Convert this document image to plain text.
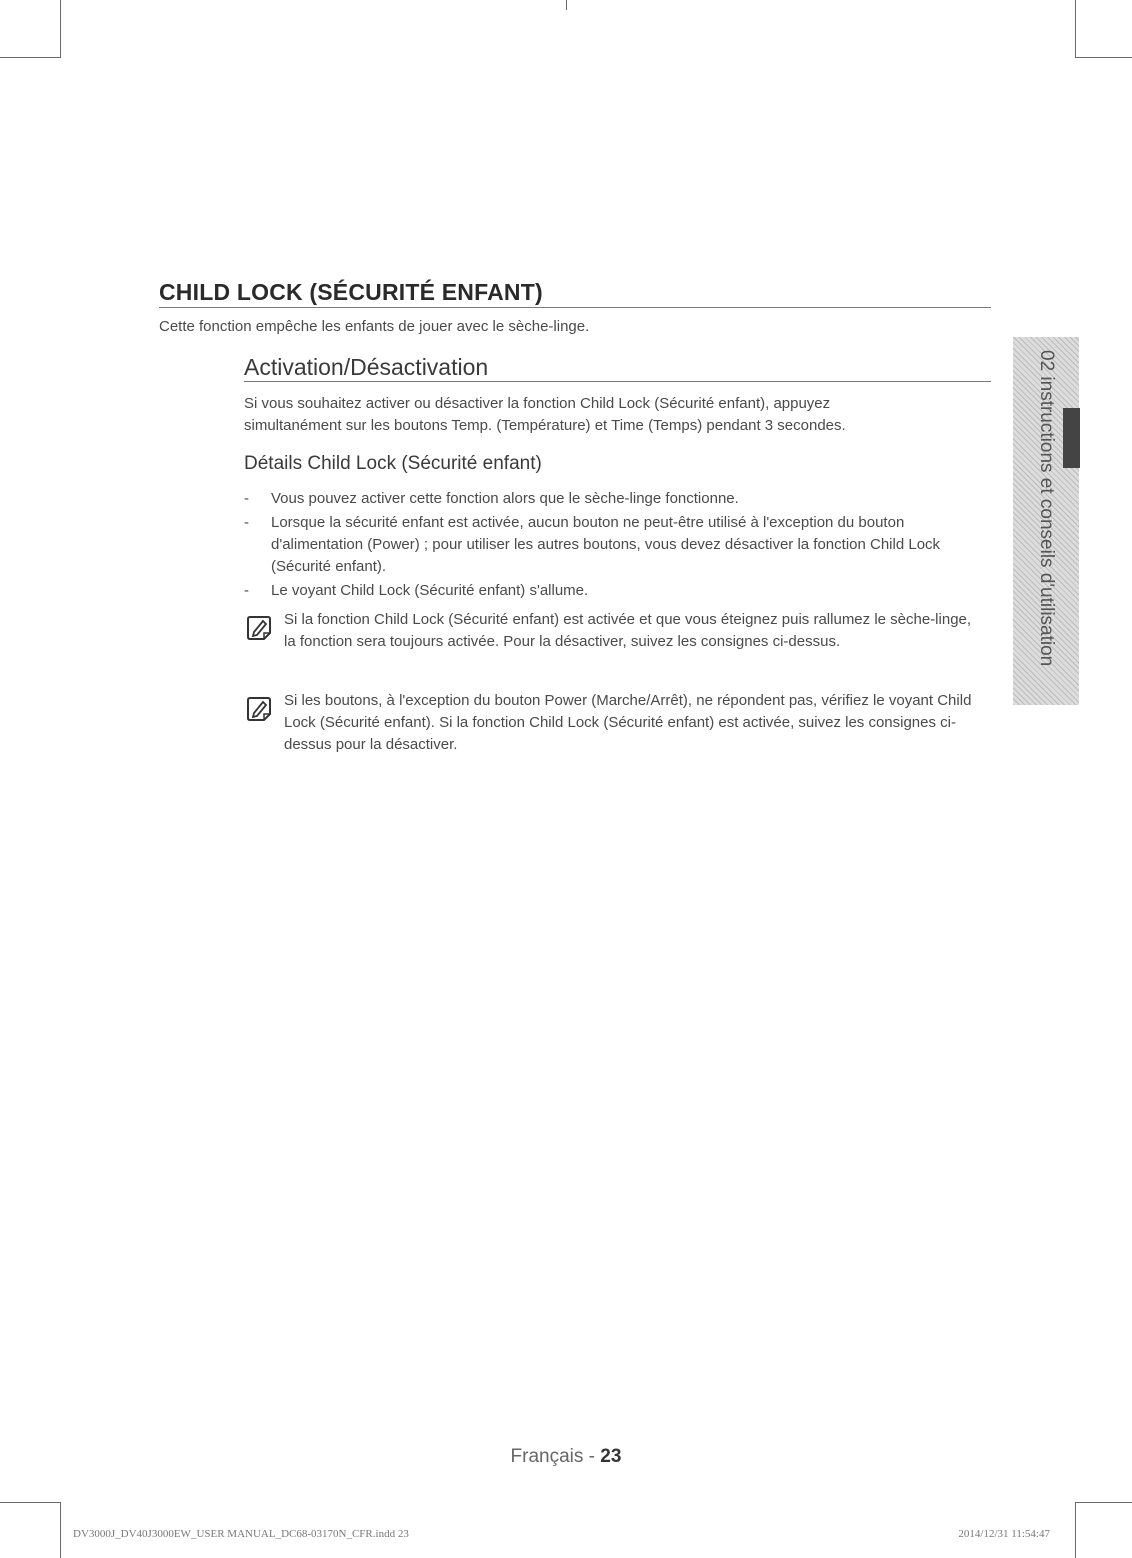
CHILD LOCK (SÉCURITÉ ENFANT)

Cette fonction empêche les enfants de jouer avec le sèche-linge.

Activation/Désactivation

Si vous souhaitez activer ou désactiver la fonction Child Lock (Sécurité enfant), appuyez
simultanément sur les boutons Temp. (Température) et Time (Temps) pendant 3 secondes.

Détails Child Lock (Sécurité enfant)
- Vous pouvez activer cette fonction alors que le sèche-linge fonctionne.
- Lorsque la sécurité enfant est activée, aucun bouton ne peut-être utilisé à l'exception du bouton d'alimentation (Power) ; pour utiliser les autres boutons, vous devez désactiver la fonction Child Lock (Sécurité enfant).
- Le voyant Child Lock (Sécurité enfant) s'allume.

Si la fonction Child Lock (Sécurité enfant) est activée et que vous éteignez puis rallumez le sèche-linge, la fonction sera toujours activée. Pour la désactiver, suivez les consignes ci-dessus.

Si les boutons, à l'exception du bouton Power (Marche/Arrêt), ne répondent pas, vérifiez le voyant Child Lock (Sécurité enfant). Si la fonction Child Lock (Sécurité enfant) est activée, suivez les consignes ci-dessus pour la désactiver.

02 instructions et conseils d'utilisation

Français - 23

DV3000J_DV40J3000EW_USER MANUAL_DC68-03170N_CFR.indd 23	2014/12/31 11:54:47
